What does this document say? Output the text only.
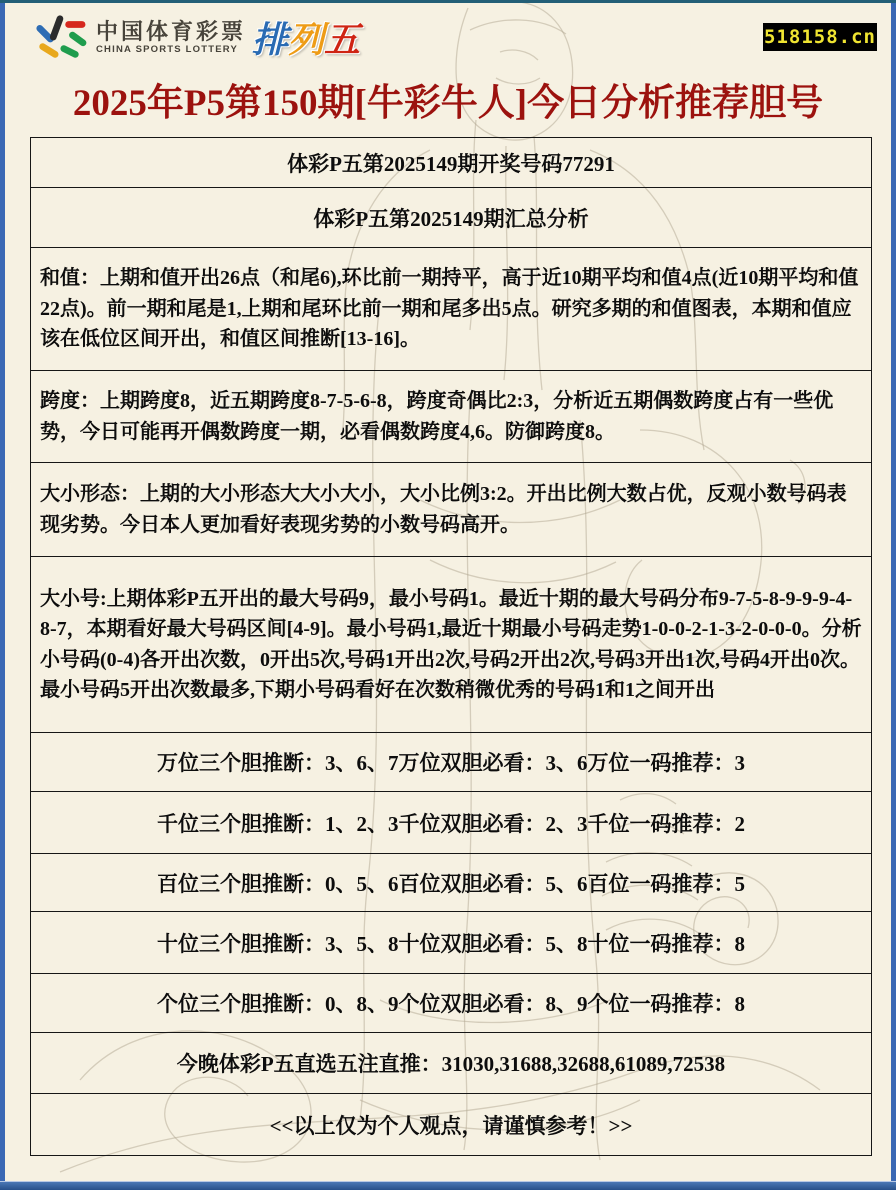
中国体育彩票
CHINA SPORTS LOTTERY 排列五	518158.cn
2025年P5第150期[牛彩牛人]今日分析推荐胆号
体彩P五第2025149期开奖号码77291
体彩P五第2025149期汇总分析
和值：上期和值开出26点（和尾6),环比前一期持平，高于近10期平均和值4点(近10期平均和值22点)。前一期和尾是1,上期和尾环比前一期和尾多出5点。研究多期的和值图表，本期和值应该在低位区间开出，和值区间推断[13-16]。
跨度：上期跨度8，近五期跨度8-7-5-6-8，跨度奇偶比2:3，分析近五期偶数跨度占有一些优势，今日可能再开偶数跨度一期，必看偶数跨度4,6。防御跨度8。
大小形态：上期的大小形态大大小大小，大小比例3:2。开出比例大数占优，反观小数号码表现劣势。今日本人更加看好表现劣势的小数号码高开。
大小号:上期体彩P五开出的最大号码9，最小号码1。最近十期的最大号码分布9-7-5-8-9-9-9-4-8-7，本期看好最大号码区间[4-9]。最小号码1,最近十期最小号码走势1-0-0-2-1-3-2-0-0-0。分析小号码(0-4)各开出次数，0开出5次,号码1开出2次,号码2开出2次,号码3开出1次,号码4开出0次。最小号码5开出次数最多,下期小号码看好在次数稍微优秀的号码1和1之间开出
万位三个胆推断：3、6、7万位双胆必看：3、6万位一码推荐：3
千位三个胆推断：1、2、3千位双胆必看：2、3千位一码推荐：2
百位三个胆推断：0、5、6百位双胆必看：5、6百位一码推荐：5
十位三个胆推断：3、5、8十位双胆必看：5、8十位一码推荐：8
个位三个胆推断：0、8、9个位双胆必看：8、9个位一码推荐：8
今晚体彩P五直选五注直推：31030,31688,32688,61089,72538
<<以上仅为个人观点，请谨慎参考！>>
